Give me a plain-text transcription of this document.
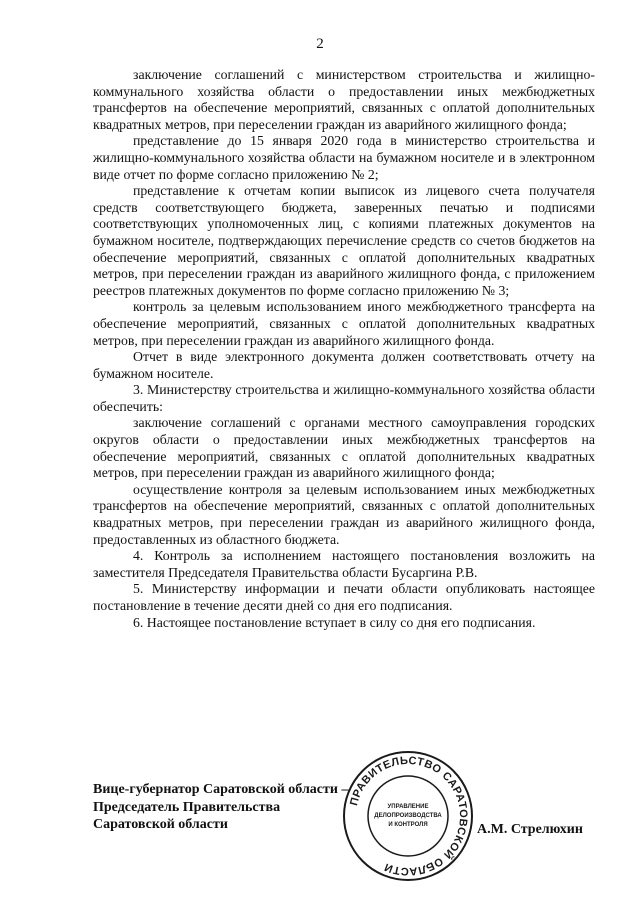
2

заключение соглашений с министерством строительства и жилищно-коммунального хозяйства области о предоставлении иных межбюджетных трансфертов на обеспечение мероприятий, связанных с оплатой дополнительных квадратных метров, при переселении граждан из аварийного жилищного фонда;

представление до 15 января 2020 года в министерство строительства и жилищно-коммунального хозяйства области на бумажном носителе и в электронном виде отчет по форме согласно приложению № 2;

представление к отчетам копии выписок из лицевого счета получателя средств соответствующего бюджета, заверенных печатью и подписями соответствующих уполномоченных лиц, с копиями платежных документов на бумажном носителе, подтверждающих перечисление средств со счетов бюджетов на обеспечение мероприятий, связанных с оплатой дополнительных квадратных метров, при переселении граждан из аварийного жилищного фонда, с приложением реестров платежных документов по форме согласно приложению № 3;

контроль за целевым использованием иного межбюджетного трансферта на обеспечение мероприятий, связанных с оплатой дополнительных квадратных метров, при переселении граждан из аварийного жилищного фонда.

Отчет в виде электронного документа должен соответствовать отчету на бумажном носителе.

3. Министерству строительства и жилищно-коммунального хозяйства области обеспечить:

заключение соглашений с органами местного самоуправления городских округов области о предоставлении иных межбюджетных трансфертов на обеспечение мероприятий, связанных с оплатой дополнительных квадратных метров, при переселении граждан из аварийного жилищного фонда;

осуществление контроля за целевым использованием иных межбюджетных трансфертов на обеспечение мероприятий, связанных с оплатой дополнительных квадратных метров, при переселении граждан из аварийного жилищного фонда, предоставленных из областного бюджета.

4. Контроль за исполнением настоящего постановления возложить на заместителя Председателя Правительства области Бусаргина Р.В.

5. Министерству информации и печати области опубликовать настоящее постановление в течение десяти дней со дня его подписания.

6. Настоящее постановление вступает в силу со дня его подписания.

Вице-губернатор Саратовской области –
Председатель Правительства
Саратовской области
ПРАВИТЕЛЬСТВО САРАТОВСКОЙ ОБЛАСТИ
УПРАВЛЕНИЕ
ДЕЛОПРОИЗВОДСТВА
И КОНТРОЛЯ	А.М. Стрелюхин
